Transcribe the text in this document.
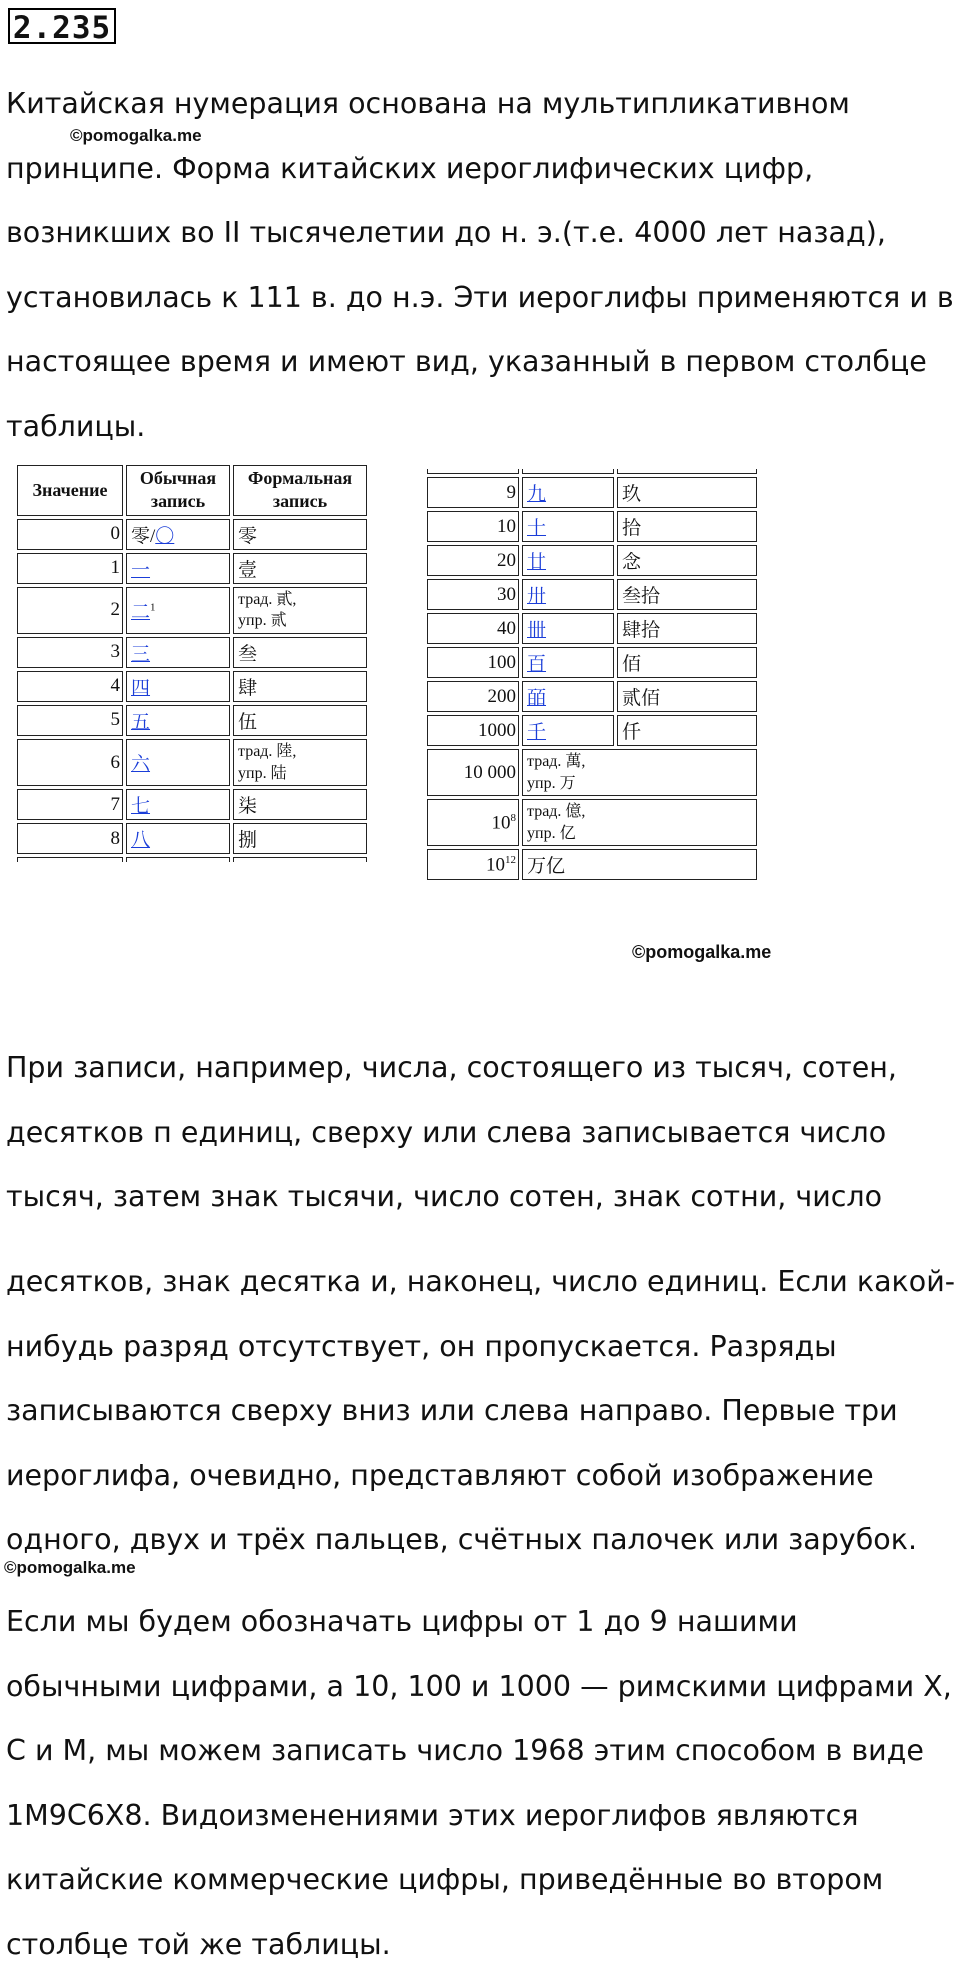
2.235

Китайская нумерация основана на мультипликативном
принципе. Форма китайских иероглифических цифр,
возникших во II тысячелетии до н. э.(т.е. 4000 лет назад),
установилась к 111 в. до н.э. Эти иероглифы применяются и в
настоящее время и имеют вид, указанный в первом столбце
таблицы.

©pomogalka.me
Значение	Обычная запись	Формальная запись
0	零/〇	零
1	一	壹
2	二$^1$	трад. 貳,
упр. 贰

3	三	叁
4	四	肆
5	五	伍
6	六	трад. 陸,
упр. 陆

7	七	柒
8	八	捌

9	九	玖
10	十	拾
20	廿	念
30	卅	叁拾
40	卌	肆拾
100	百	佰
200	皕	贰佰
1000	千	仟
10 000	трад. 萬,
упр. 万	

$10^8$	трад. 億,
упр. 亿	

$10^{12}$	万亿	
©pomogalka.me

При записи, например, числа, состоящего из тысяч, сотен,
десятков п единиц, сверху или слева записывается число
тысяч, затем знак тысячи, число сотен, знак сотни, число

десятков, знак десятка и, наконец, число единиц. Если какой-
нибудь разряд отсутствует, он пропускается. Разряды
записываются сверху вниз или слева направо. Первые три
иероглифа, очевидно, представляют собой изображение
одного, двух и трёх пальцев, счётных палочек или зарубок.

©pomogalka.me

Если мы будем обозначать цифры от 1 до 9 нашими
обычными цифрами, а 10, 100 и 1000 — римскими цифрами X,
С и М, мы можем записать число 1968 этим способом в виде
1М9С6Х8. Видоизменениями этих иероглифов являются
китайские коммерческие цифры, приведённые во втором
столбце той же таблицы.
